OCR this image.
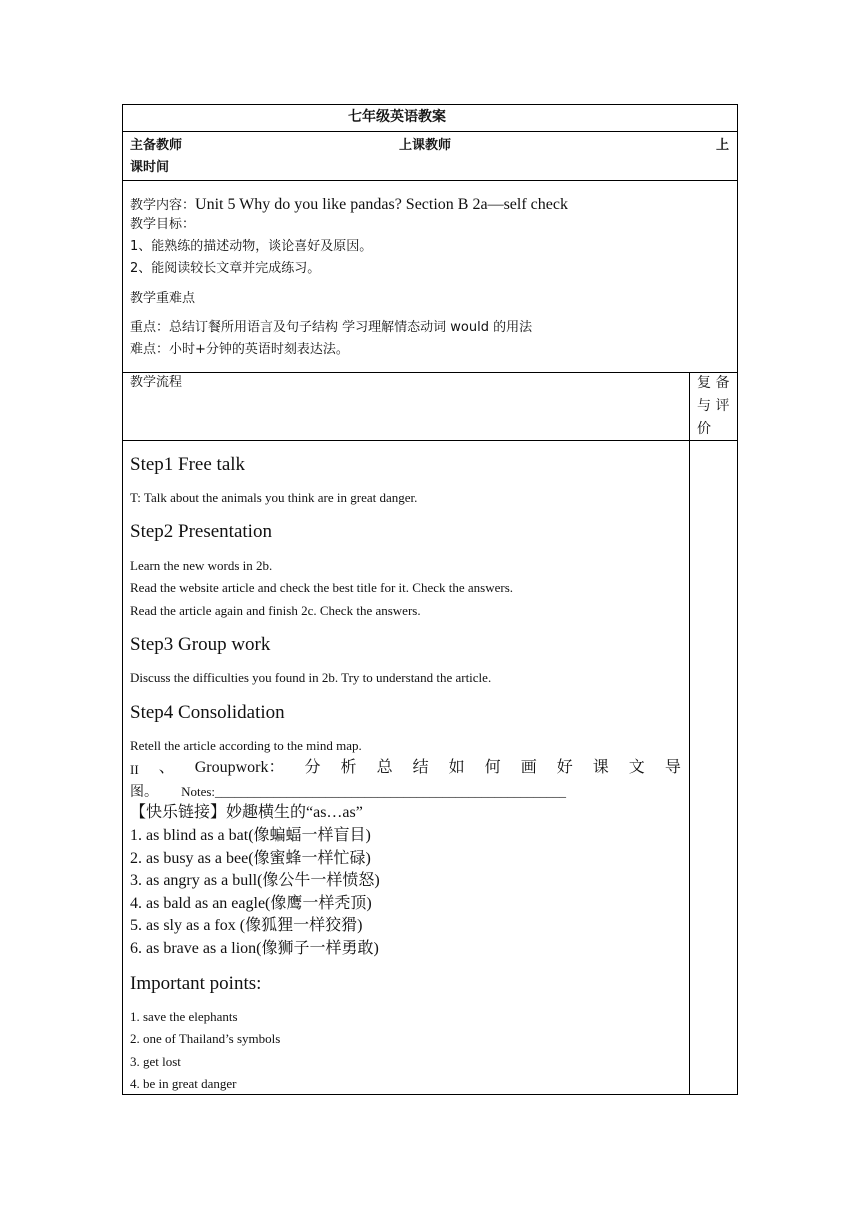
七年级英语教案
主备教师	上课教师	上
课时间
教学内容：Unit 5 Why do you like pandas? Section B 2a—self check
教学目标：
1、能熟练的描述动物，谈论喜好及原因。
2、能阅读较长文章并完成练习。
教学重难点
重点：总结订餐所用语言及句子结构 学习理解情态动词 would 的用法
难点：小时+分钟的英语时刻表达法。
教学流程	复 备
与 评
价
Step1 Free talk
T: Talk about the animals you think are in great danger.
Step2 Presentation
Learn the new words in 2b.
Read the website article and check the best title for it. Check the answers.
Read the article again and finish 2c. Check the answers.
Step3 Group work
Discuss the difficulties you found in 2b. Try to understand the article.
Step4 Consolidation
Retell the article according to the mind map.
II 、 Groupwork： 分 析 总 结 如 何 画 好 课 文 导
图。 Notes:______________________________________________________
【快乐链接】妙趣横生的“as…as”
1. as blind as a bat(像蝙蝠一样盲目)
2. as busy as a bee(像蜜蜂一样忙碌)
3. as angry as a bull(像公牛一样愤怒)
4. as bald as an eagle(像鹰一样秃顶)
5. as sly as a fox (像狐狸一样狡猾)
6. as brave as a lion(像狮子一样勇敢)
Important points:
1. save the elephants
2. one of Thailand’s symbols
3. get lost
4. be in great danger
